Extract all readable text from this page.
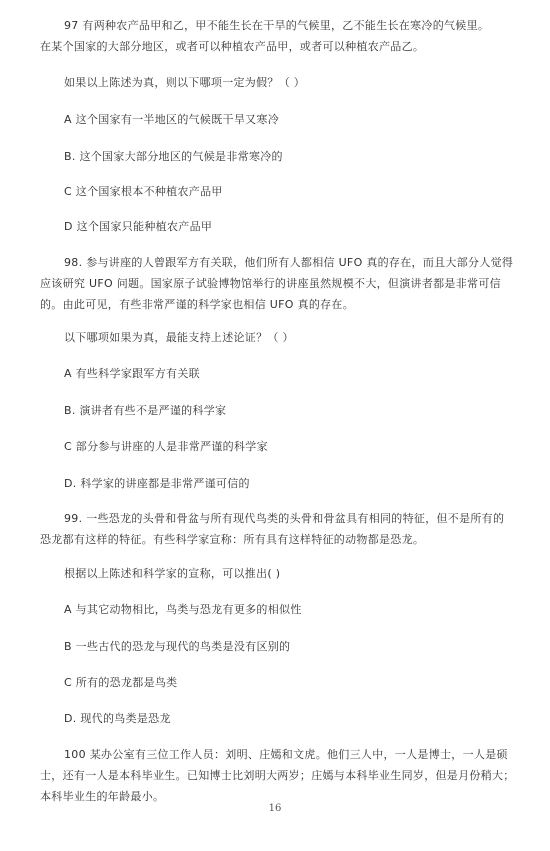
97 有两种农产品甲和乙，甲不能生长在干旱的气候里，乙不能生长在寒冷的气候里。
在某个国家的大部分地区，或者可以种植农产品甲，或者可以种植农产品乙。
如果以上陈述为真，则以下哪项一定为假？（ ）
A 这个国家有一半地区的气候既干旱又寒冷
B. 这个国家大部分地区的气候是非常寒冷的
C 这个国家根本不种植农产品甲
D 这个国家只能种植农产品甲
98. 参与讲座的人曾跟军方有关联，他们所有人都相信 UFO 真的存在，而且大部分人觉得应该研究 UFO 问题。国家原子试验博物馆举行的讲座虽然规模不大，但演讲者都是非常可信的。由此可见，有些非常严谨的科学家也相信 UFO 真的存在。
以下哪项如果为真，最能支持上述论证？（ ）
A 有些科学家跟军方有关联
B. 演讲者有些不是严谨的科学家
C 部分参与讲座的人是非常严谨的科学家
D. 科学家的讲座都是非常严谨可信的
99. 一些恐龙的头骨和骨盆与所有现代鸟类的头骨和骨盆具有相同的特征，但不是所有的恐龙都有这样的特征。有些科学家宣称：所有具有这样特征的动物都是恐龙。
根据以上陈述和科学家的宣称，可以推出( )
A 与其它动物相比，鸟类与恐龙有更多的相似性
B 一些古代的恐龙与现代的鸟类是没有区别的
C 所有的恐龙都是鸟类
D. 现代的鸟类是恐龙
100 某办公室有三位工作人员：刘明、庄嫣和文虎。他们三人中，一人是博士，一人是硕士，还有一人是本科毕业生。已知博士比刘明大两岁；庄嫣与本科毕业生同岁，但是月份稍大；本科毕业生的年龄最小。
16
